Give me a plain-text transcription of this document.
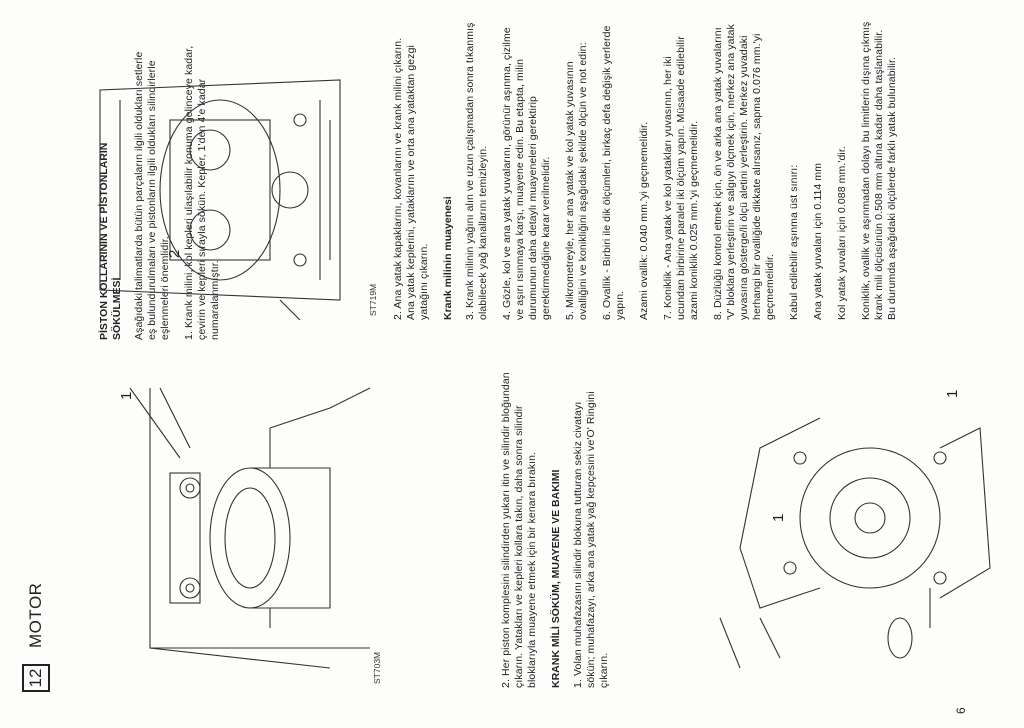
12
MOTOR
ST703M
1
PİSTON KOLLARININ VE PİSTONLARIN SÖKÜLMESİ Aşağıdaki talimatlarda bütün parçaların ilgili oldukları setlerle eş bulundurulmaları ve pistonların ilgili oldukları silindirlerle eşlenmeleri önemlidir. 1. Krank milini, kol kepleri ulaşılabilir konuma gelinceye kadar, çevirin ve kepleri sırayla sökün. Kepler, 1'den 4'e kadar numaralanmıştır.

2. Her piston komplesini silindirden yukarı itin ve silindir bloğundan çıkarın. Yatakları ve kepleri kollara takın, daha sonra silindir bloklarıyla muayene etmek için bir kenara bırakın. KRANK MİLİ SÖKÜM, MUAYENE VE BAKIMI 1. Volan muhafazasını silindir blokuna tutturan sekiz civatayı sökün; muhafazayı, arka ana yatak yağ kepçesini ve'O' Ringini çıkarın.

1
1
ST719M
2	2. Ana yatak kapaklarını, kovanlarını ve krank milini çıkarın. Ana yatak keplerini, yataklarını ve orta ana yataktan gezgi yatağını çıkarın. Krank milinin muayenesi 3. Krank milinin yağını alın ve uzun çalışmadan sonra tıkanmış olabilecek yağ kanallarını temizleyin. 4. Gözle, kol ve ana yatak yuvalarını, görünür aşınma, çizilme ve aşırı ısınmaya karşı, muayene edin. Bu etapta, milin durumunun daha detaylı muayeneleri gerektirip gerektirmediğine karar verilmelidir. 5. Mikrometreyle, her ana yatak ve kol yatak yuvasının ovalliğini ve konikliğini aşağıdaki şekilde ölçün ve not edin: 6. Ovallik - Birbiri ile dik ölçümleri, birkaç defa değişik yerlerde yapın. Azami ovallik: 0.040 mm.'yi geçmemelidir. 7. Koniklik - Ana yatak ve kol yatakları yuvasının, her iki ucundan birbirine paralel iki ölçüm yapın. Müsaade edilebilir azami koniklik 0.025 mm.'yi geçmemelidir. 8. Düzlüğü kontrol etmek için, ön ve arka ana yatak yuvalarını 'V' bloklara yerleştirin ve salgıyı ölçmek için, merkez ana yatak yuvasına gösterge/li ölçü aletini yerleştirin. Merkez yuvadaki herhangi bir ovalliğide dikkate alırsanız, sapma 0.076 mm.'yi geçmemelidir. Kabul edilebilir aşınma üst sınırı: Ana yatak yuvaları için 0.114 mm Kol yatak yuvaları için 0.088 mm.'dir. Koniklik, ovallik ve aşınmadan dolayı bu limitlerin dışına çıkmış krank mili ölçüsünün 0.508 mm altına kadar daha taşlanabilir. Bu durumda aşağıdaki ölçülerde farklı yatak bulunabilir.

6
